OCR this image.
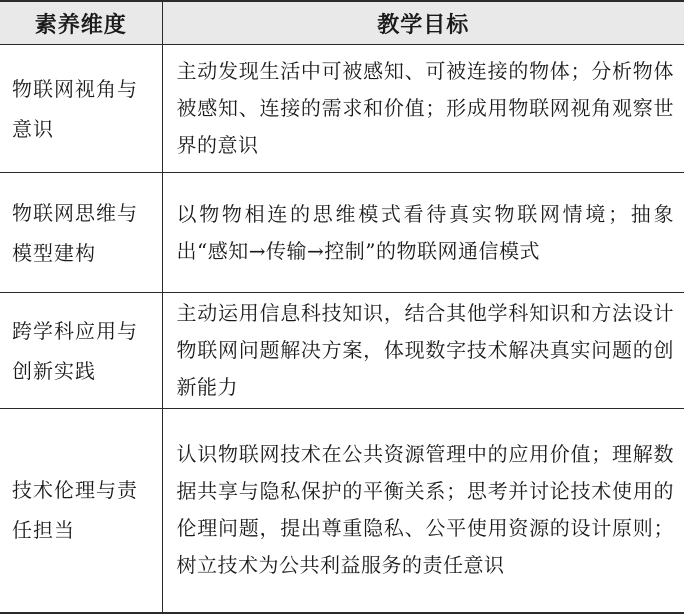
素养维度	教学目标
物联网视角与意识	主动发现生活中可被感知、可被连接的物体；分析物体被感知、连接的需求和价值；形成用物联网视角观察世界的意识
物联网思维与模型建构	以物物相连的思维模式看待真实物联网情境；抽象出“感知→传输→控制”的物联网通信模式
跨学科应用与创新实践	主动运用信息科技知识，结合其他学科知识和方法设计物联网问题解决方案，体现数字技术解决真实问题的创新能力
技术伦理与责任担当	认识物联网技术在公共资源管理中的应用价值；理解数据共享与隐私保护的平衡关系；思考并讨论技术使用的伦理问题，提出尊重隐私、公平使用资源的设计原则；树立技术为公共利益服务的责任意识
